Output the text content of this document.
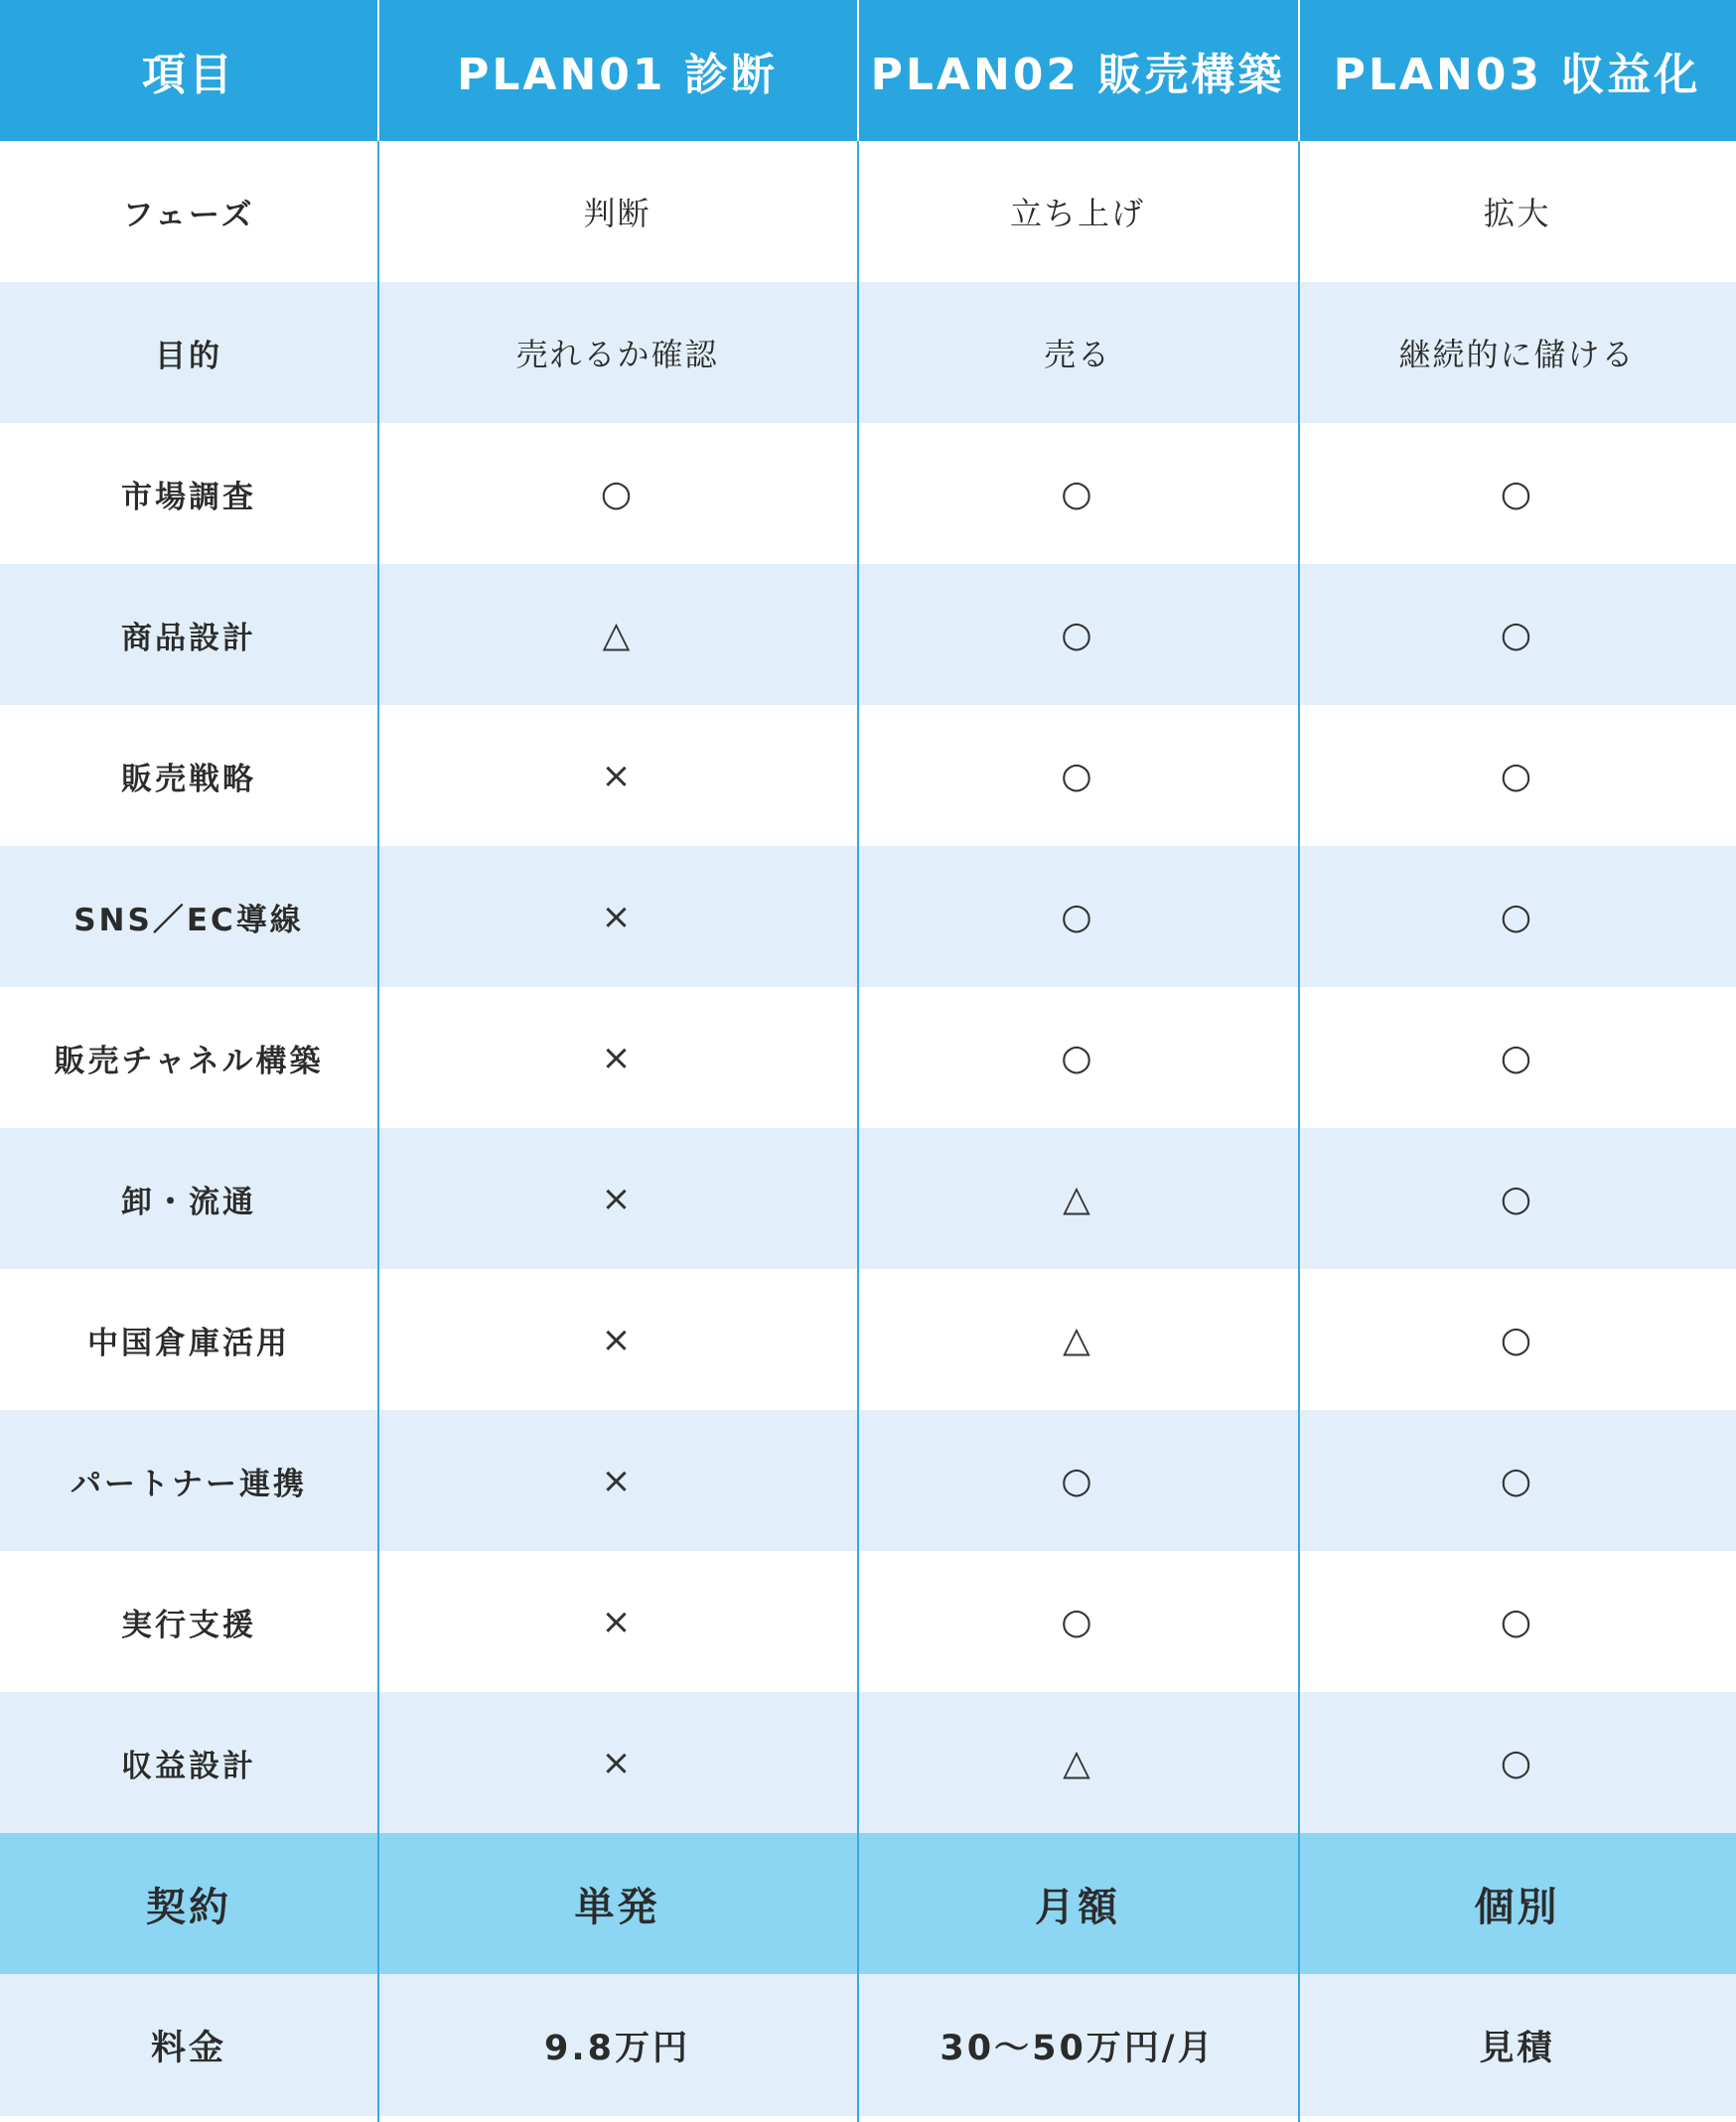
項目	PLAN01 診断	PLAN02 販売構築	PLAN03 収益化
フェーズ	判断	立ち上げ	拡大
目的	売れるか確認	売る	継続的に儲ける
市場調査	○	○	○
商品設計	△	○	○
販売戦略	×	○	○
SNS／EC導線	×	○	○
販売チャネル構築	×	○	○
卸・流通	×	△	○
中国倉庫活用	×	△	○
パートナー連携	×	○	○
実行支援	×	○	○
収益設計	×	△	○
契約	単発	月額	個別
料金	9.8万円	30〜50万円/月	見積
